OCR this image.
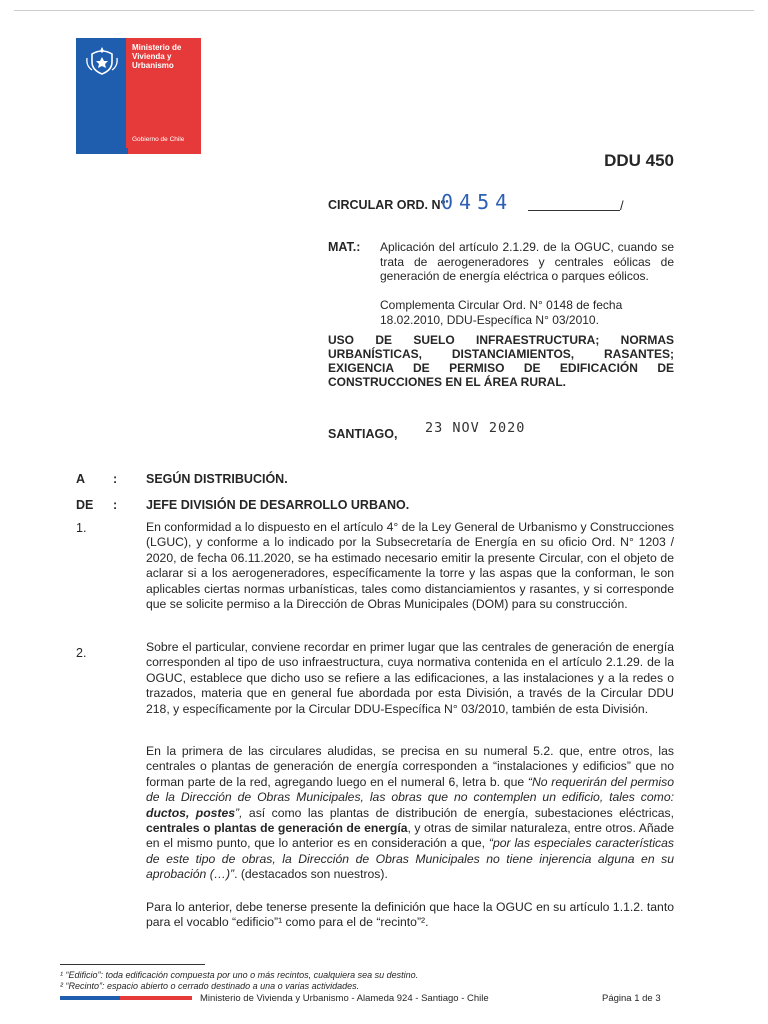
Ministerio de Vivienda y Urbanismo
Gobierno de Chile
DDU 450
CIRCULAR ORD. N°
0454	/
MAT.: Aplicación del artículo 2.1.29. de la OGUC, cuando se trata de aerogeneradores y centrales eólicas de generación de energía eléctrica o parques eólicos.
Complementa Circular Ord. N° 0148 de fecha 18.02.2010, DDU-Específica N° 03/2010.
USO DE SUELO INFRAESTRUCTURA; NORMAS URBANÍSTICAS, DISTANCIAMIENTOS, RASANTES; EXIGENCIA DE PERMISO DE EDIFICACIÓN DE CONSTRUCCIONES EN EL ÁREA RURAL.
SANTIAGO, 23 NOV 2020
A : SEGÚN DISTRIBUCIÓN.
DE : JEFE DIVISIÓN DE DESARROLLO URBANO.
1.	En conformidad a lo dispuesto en el artículo 4° de la Ley General de Urbanismo y Construcciones (LGUC), y conforme a lo indicado por la Subsecretaría de Energía en su oficio Ord. N° 1203 / 2020, de fecha 06.11.2020, se ha estimado necesario emitir la presente Circular, con el objeto de aclarar si a los aerogeneradores, específicamente la torre y las aspas que la conforman, le son aplicables ciertas normas urbanísticas, tales como distanciamientos y rasantes, y si corresponde que se solicite permiso a la Dirección de Obras Municipales (DOM) para su construcción.
2.	Sobre el particular, conviene recordar en primer lugar que las centrales de generación de energía corresponden al tipo de uso infraestructura, cuya normativa contenida en el artículo 2.1.29. de la OGUC, establece que dicho uso se refiere a las edificaciones, a las instalaciones y a la redes o trazados, materia que en general fue abordada por esta División, a través de la Circular DDU 218, y específicamente por la Circular DDU-Específica N° 03/2010, también de esta División.
En la primera de las circulares aludidas, se precisa en su numeral 5.2. que, entre otros, las centrales o plantas de generación de energía corresponden a “instalaciones y edificios” que no forman parte de la red, agregando luego en el numeral 6, letra b. que “No requerirán del permiso de la Dirección de Obras Municipales, las obras que no contemplen un edificio, tales como: ductos, postes”, así como las plantas de distribución de energía, subestaciones eléctricas, centrales o plantas de generación de energía, y otras de similar naturaleza, entre otros. Añade en el mismo punto, que lo anterior es en consideración a que, “por las especiales características de este tipo de obras, la Dirección de Obras Municipales no tiene injerencia alguna en su aprobación (…)”. (destacados son nuestros).
Para lo anterior, debe tenerse presente la definición que hace la OGUC en su artículo 1.1.2. tanto para el vocablo “edificio”¹ como para el de “recinto”².
¹ “Edificio”: toda edificación compuesta por uno o más recintos, cualquiera sea su destino.
² “Recinto”: espacio abierto o cerrado destinado a una o varias actividades.
Ministerio de Vivienda y Urbanismo - Alameda 924 - Santiago - Chile	Página 1 de 3
